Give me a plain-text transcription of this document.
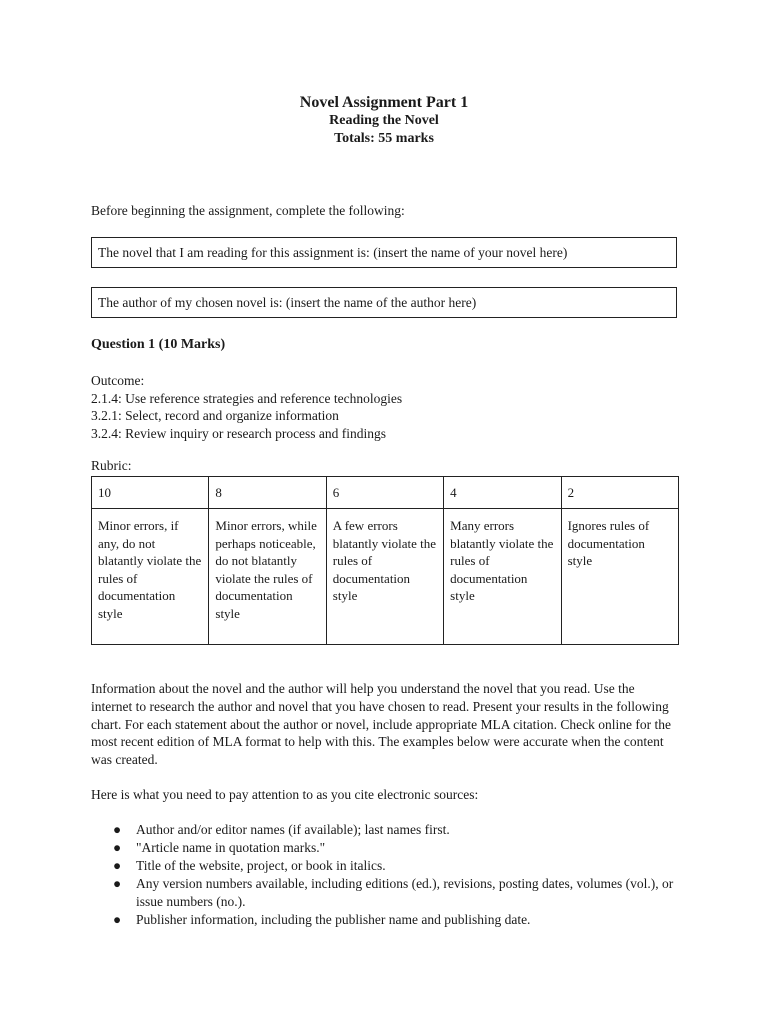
Novel Assignment Part 1
Reading the Novel
Totals: 55 marks
Before beginning the assignment, complete the following:
The novel that I am reading for this assignment is: (insert the name of your novel here)
The author of my chosen novel is: (insert the name of the author here)
Question 1 (10 Marks)
Outcome:
2.1.4: Use reference strategies and reference technologies
3.2.1: Select, record and organize information
3.2.4: Review inquiry or research process and findings
Rubric:
10	8	6	4	2
Minor errors, if any, do not blatantly violate the rules of documentation style	Minor errors, while perhaps noticeable, do not blatantly violate the rules of documentation style	A few errors blatantly violate the rules of documentation style	Many errors blatantly violate the rules of documentation style	Ignores rules of documentation style
Information about the novel and the author will help you understand the novel that you read. Use the internet to research the author and novel that you have chosen to read. Present your results in the following chart. For each statement about the author or novel, include appropriate MLA citation. Check online for the most recent edition of MLA format to help with this. The examples below were accurate when the content was created.
Here is what you need to pay attention to as you cite electronic sources:
● Author and/or editor names (if available); last names first.
● "Article name in quotation marks."
● Title of the website, project, or book in italics.
● Any version numbers available, including editions (ed.), revisions, posting dates, volumes (vol.), or issue numbers (no.).
● Publisher information, including the publisher name and publishing date.
